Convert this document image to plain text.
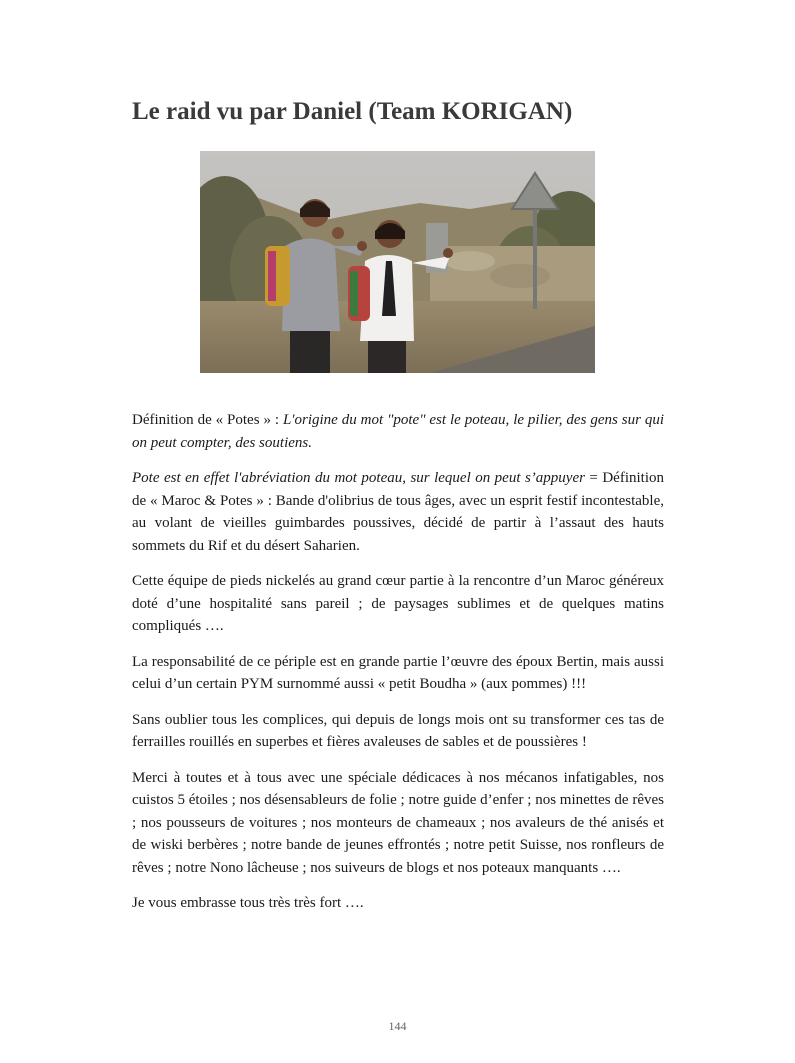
Le raid vu par Daniel (Team KORIGAN)

Définition de « Potes » : L'origine du mot "pote" est le poteau, le pilier, des gens sur qui on peut compter, des soutiens.

Pote est en effet l'abréviation du mot poteau, sur lequel on peut s’appuyer = Définition de « Maroc & Potes » : Bande d'olibrius de tous âges, avec un esprit festif incontestable, au volant de vieilles guimbardes poussives, décidé de partir à l’assaut des hauts sommets du Rif et du désert Saharien.

Cette équipe de pieds nickelés au grand cœur partie à la rencontre d’un Maroc généreux doté d’une hospitalité sans pareil ; de paysages sublimes et de quelques matins compliqués ….

La responsabilité de ce périple est en grande partie l’œuvre des époux Bertin, mais aussi celui d’un certain PYM surnommé aussi « petit Boudha » (aux pommes) !!!

Sans oublier tous les complices, qui depuis de longs mois ont su transformer ces tas de ferrailles rouillés en superbes et fières avaleuses de sables et de poussières !

Merci à toutes et à tous avec une spéciale dédicaces à nos mécanos infatigables, nos cuistos 5 étoiles ; nos désensableurs de folie ; notre guide d’enfer ; nos minettes de rêves ; nos pousseurs de voitures ; nos monteurs de chameaux ; nos avaleurs de thé anisés et de wiski berbères ; notre bande de jeunes effrontés ; notre petit Suisse, nos ronfleurs de rêves ; notre Nono lâcheuse ; nos suiveurs de blogs et nos poteaux manquants ….

Je vous embrasse tous très très fort ….

144
